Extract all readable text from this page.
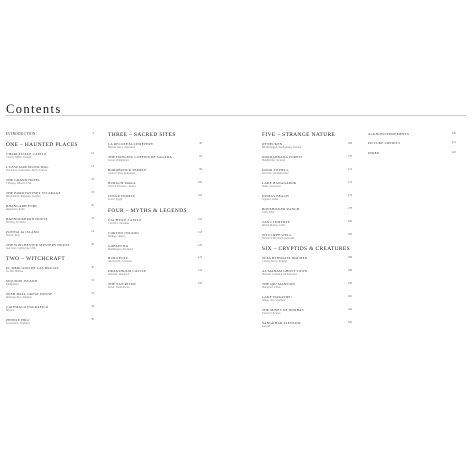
Contents
INTRODUCTION	9
ONE – HAUNTED PLACES
CHARLEVILLE CASTLE
County Offaly, Ireland
12
L'OSSUAIRE MUNICIPAL
The Paris Catacombs, Paris, France
14
THE GRAND HOTEL
Chicago, Illinois, USA
16
THE BOROVATTNET VICARAGE
Borgvattnet, Ragunda, Sweden
18
BHANGARH FORT
Rajasthan, India
20
BANNOCKBURN HOUSE
Stirling, Scotland
22
POVEGLIA ISLAND
Venice, Italy
24
THE WINCHESTER MYSTERY HOUSE
San Jose, California, USA
26
TWO – WITCHCRAFT
EL MERCADO DE LAS BRUJAS
La Paz, Bolivia
30
SIQUIJOR ISLAND
Philippines
32
WISH HALL GREAT HOUSE
Montego Bay, Jamaica
34
CATEMACO FOGRAFICO
Mexico
36
PENDLE HILL
Lancashire, England
38
THREE – SACRED SITES
LA RECOLETA CEMETERY
Buenos Aires, Argentina
90
THE HANGING COFFINS OF SAGADA
Luzon, Philippines
92
BOROBUDUR TEMPLE
Central Java, Indonesia
96
BURGUN MAKA
Tunceli Province, Turkey
100
JUNGR TEMPLE
Luxor, Egypt
102
FOUR – MYTHS & LEGENDS
ČACHTICE CASTLE
Čachtice, Slovakia
116
CORTIJO JURADO
Málaga, Spain
118
GOBLIN HA
Haddington, Scotland
120
BURG ELTZ
Wierschem, Germany
122
DRAGSHOLM CASTLE
Zealand, Denmark
124
THE SAN RIVER
Seoul, South Korea
126
FIVE – STRANGE NATURE
ØYNECKEN
Bárðarbyggð, Norðurþing, Iceland
168
NORDAHRANA FOREST
Hvalfjörður, Iceland
170
DOOR TO HELL
Derweze, Turkmenistan
172
LAKE HANAGABOR
Zalla, Venezuela
174
DUMAS BEACH
Gujarat, India
176
BONSHILKER RANCH
Utah, USA
178
SAN CLEMENTE
Maule Region, Chile
180
WYCLIFFE WELL
Northern Territory, Australia
182
SIX – CRYPTIDS & CREATURES
SLAGHTHWAITE DOLMEN
County Derry, Ireland
186
AL MADAM GHOST TOWN
Sharjah, United Arab Emirates
188
THE QIU MANSION
Shanghai, China
190
LAKE WAKATIPU
Otago, New Zealand
192
THE MINES OF DONBAS
Eastern Ukraine
194
SANGKHAR PLENSUM
Kuwait
196
ACKNOWLEDGEMENTS	220
PICTURE CREDITS	221
INDEX	222
